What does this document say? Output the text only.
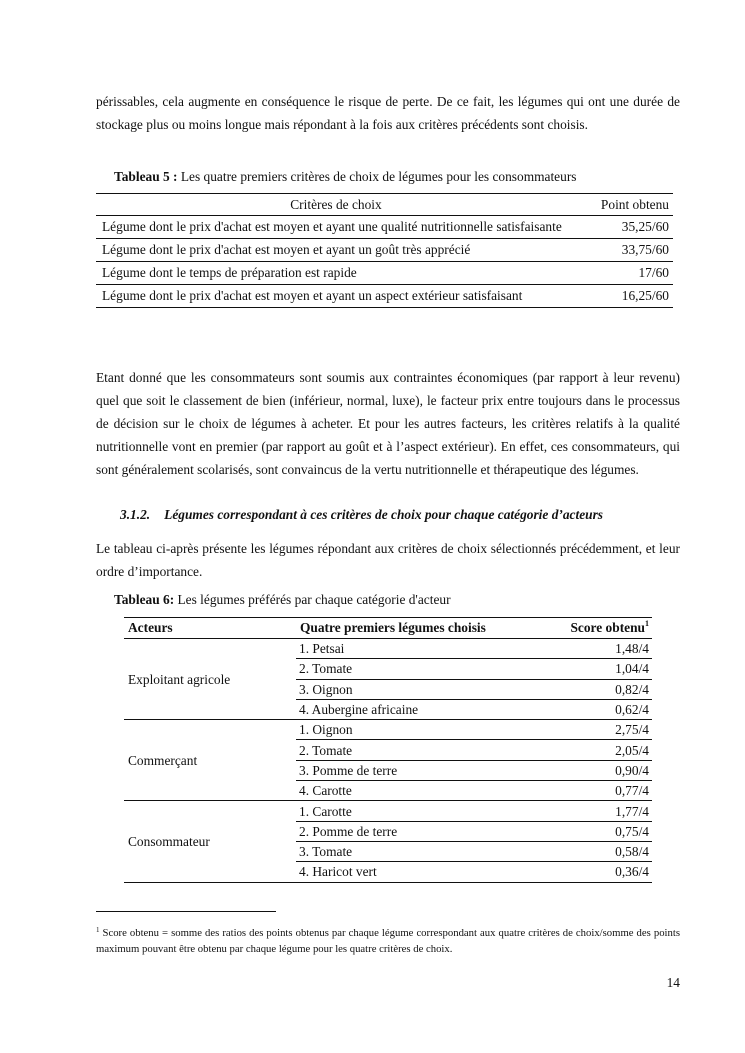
périssables, cela augmente en conséquence le risque de perte. De ce fait, les légumes qui ont une durée de stockage plus ou moins longue mais répondant à la fois aux critères précédents sont choisis.

Tableau 5 : Les quatre premiers critères de choix de légumes pour les consommateurs
Critères de choix	Point obtenu
Légume dont le prix d'achat est moyen et ayant une qualité nutritionnelle satisfaisante	35,25/60
Légume dont le prix d'achat est moyen et ayant un goût très apprécié	33,75/60
Légume dont le temps de préparation est rapide	17/60
Légume dont le prix d'achat est moyen et ayant un aspect extérieur satisfaisant	16,25/60

Etant donné que les consommateurs sont soumis aux contraintes économiques (par rapport à leur revenu) quel que soit le classement de bien (inférieur, normal, luxe), le facteur prix entre toujours dans le processus de décision sur le choix de légumes à acheter. Et pour les autres facteurs, les critères relatifs à la qualité nutritionnelle vont en premier (par rapport au goût et à l’aspect extérieur). En effet, ces consommateurs, qui sont généralement scolarisés, sont convaincus de la vertu nutritionnelle et thérapeutique des légumes.

3.1.2. Légumes correspondant à ces critères de choix pour chaque catégorie d’acteurs

Le tableau ci-après présente les légumes répondant aux critères de choix sélectionnés précédemment, et leur ordre d’importance.

Tableau 6: Les légumes préférés par chaque catégorie d'acteur
Acteurs	Quatre premiers légumes choisis	Score obtenu$^1$
Exploitant agricole	1. Petsai	1,48/4
	2. Tomate	1,04/4
	3. Oignon	0,82/4
	4. Aubergine africaine	0,62/4
Commerçant	1. Oignon	2,75/4
	2. Tomate	2,05/4
	3. Pomme de terre	0,90/4
	4. Carotte	0,77/4
Consommateur	1. Carotte	1,77/4
	2. Pomme de terre	0,75/4
	3. Tomate	0,58/4
	4. Haricot vert	0,36/4
$^1$ Score obtenu = somme des ratios des points obtenus par chaque légume correspondant aux quatre critères de choix/somme des points maximum pouvant être obtenu par chaque légume pour les quatre critères de choix.
14
